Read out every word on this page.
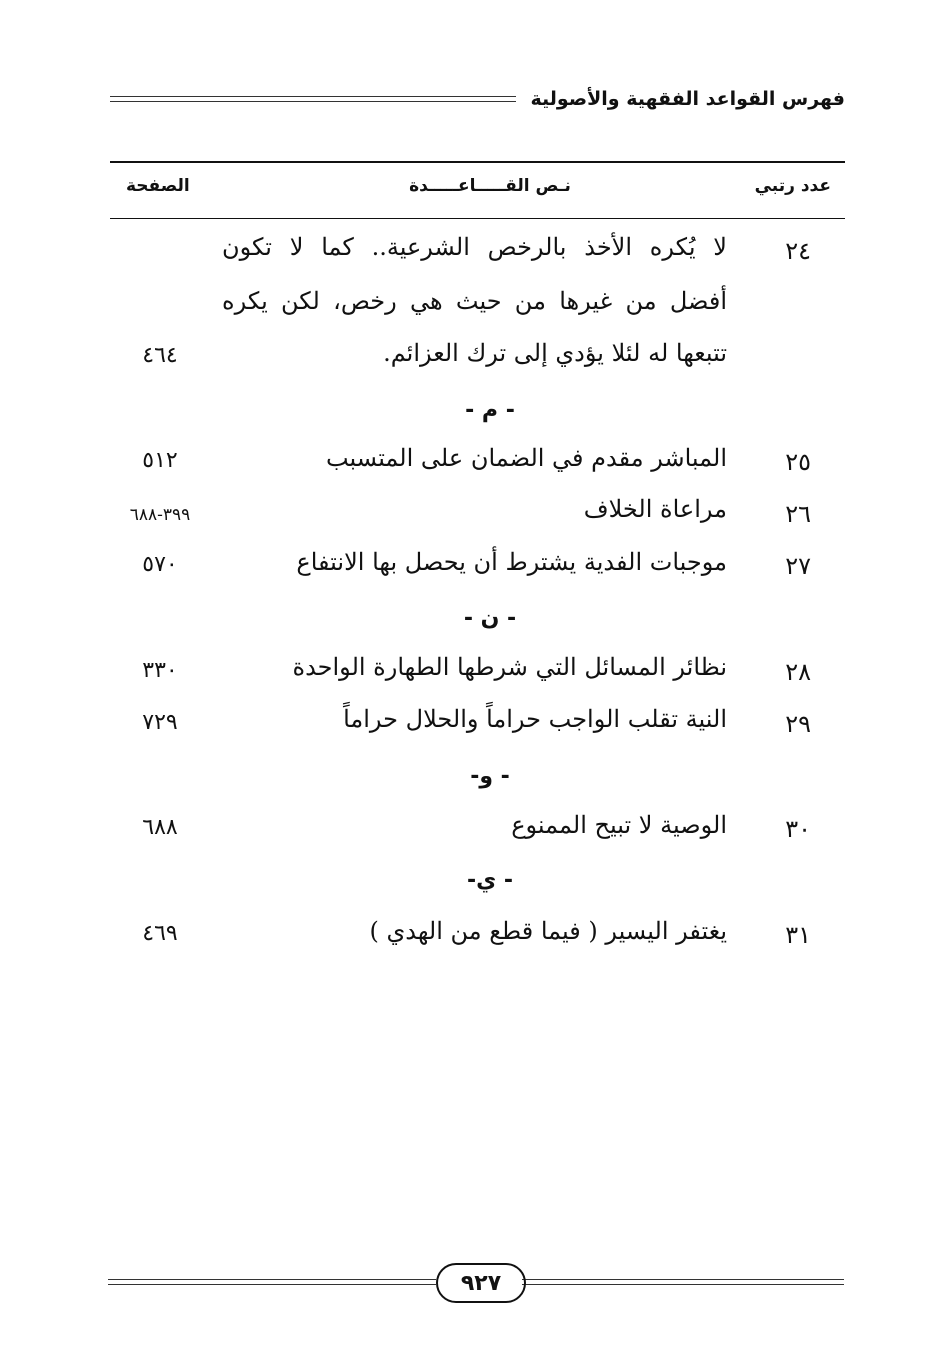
فهرس القواعد الفقهية والأصولية
عدد رتبي
نـص القـــــاعـــــدة
الصفحة
٢٤
لا يُكره الأخذ بالرخص الشرعية.. كما لا تكون
أفضل من غيرها من حيث هي رخص، لكن يكره
تتبعها له لئلا يؤدي إلى ترك العزائم.
٤٦٤
- م -
٢٥
المباشر مقدم في الضمان على المتسبب
٥١٢
٢٦
مراعاة الخلاف
٣٩٩-٦٨٨
٢٧
موجبات الفدية يشترط أن يحصل بها الانتفاع
٥٧٠
- ن -
٢٨
نظائر المسائل التي شرطها الطهارة الواحدة
٣٣٠
٢٩
النية تقلب الواجب حراماً والحلال حراماً
٧٢٩
- و-
٣٠
الوصية لا تبيح الممنوع
٦٨٨
- ي-
٣١
يغتفر اليسير ( فيما قطع من الهدي )
٤٦٩
٩٢٧
